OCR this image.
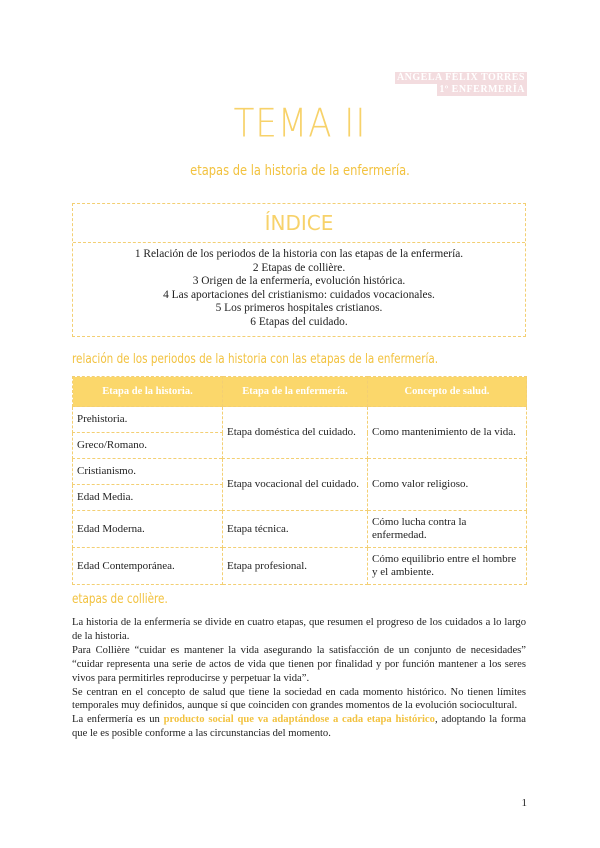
ÁNGELA FÉLIX TORRES
1º ENFERMERÍA
TEMA II
etapas de la historia de la enfermería.
ÍNDICE
1 Relación de los periodos de la historia con las etapas de la enfermería.
2 Etapas de collière.
3 Origen de la enfermería, evolución histórica.
4 Las aportaciones del cristianismo: cuidados vocacionales.
5 Los primeros hospitales cristianos.
6 Etapas del cuidado.
relación de los periodos de la historia con las etapas de la enfermería.
Etapa de la historia.	Etapa de la enfermería.	Concepto de salud.
Prehistoria.	Etapa doméstica del cuidado.	Como mantenimiento de la vida.
Greco/Romano.		
Cristianismo.	Etapa vocacional del cuidado.	Como valor religioso.
Edad Media.		
Edad Moderna.	Etapa técnica.	Cómo lucha contra la enfermedad.
Edad Contemporánea.	Etapa profesional.	Cómo equilibrio entre el hombre y el ambiente.
etapas de collière.

La historia de la enfermería se divide en cuatro etapas, que resumen el progreso de los cuidados a lo largo de la historia.

Para Collière “cuidar es mantener la vida asegurando la satisfacción de un conjunto de necesidades” “cuidar representa una serie de actos de vida que tienen por finalidad y por función mantener a los seres vivos para permitirles reproducirse y perpetuar la vida”.

Se centran en el concepto de salud que tiene la sociedad en cada momento histórico. No tienen límites temporales muy definidos, aunque sí que coinciden con grandes momentos de la evolución sociocultural.

La enfermería es un producto social que va adaptándose a cada etapa histórico, adoptando la forma que le es posible conforme a las circunstancias del momento.

1
